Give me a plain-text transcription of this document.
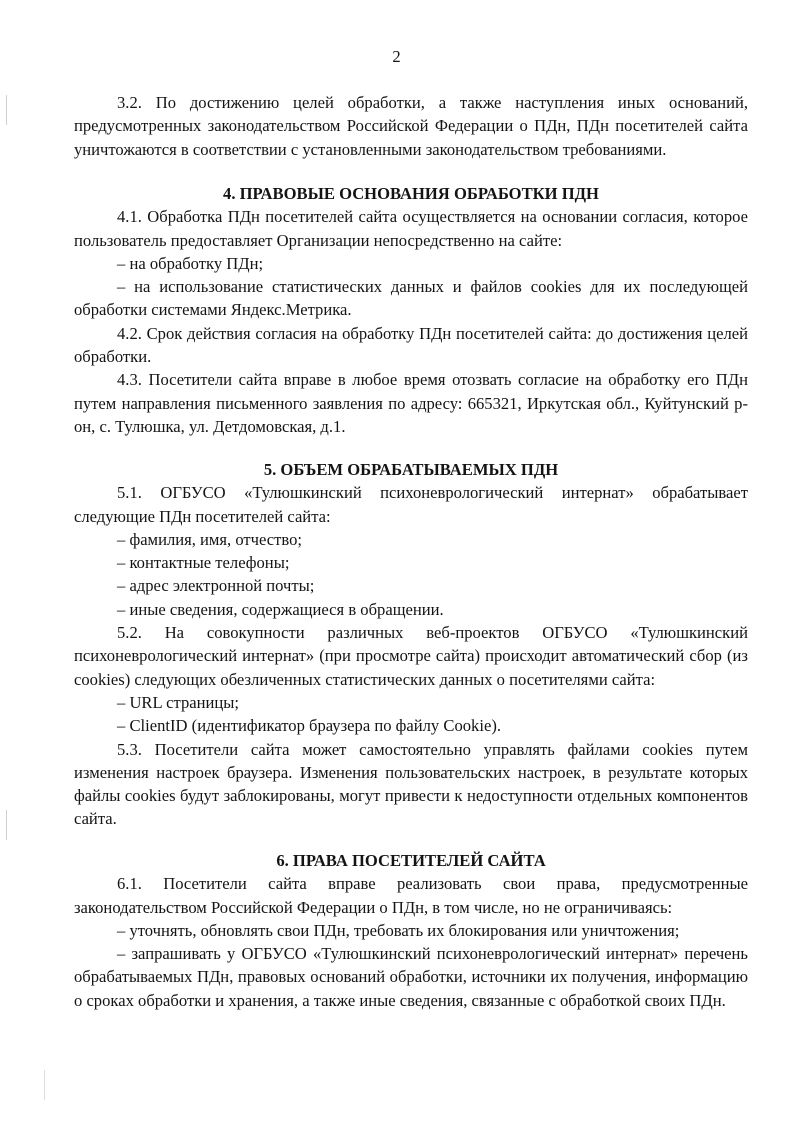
2

3.2. По достижению целей обработки, а также наступления иных оснований, предусмотренных законодательством Российской Федерации о ПДн, ПДн посетителей сайта уничтожаются в соответствии с установленными законодательством требованиями.

4. ПРАВОВЫЕ ОСНОВАНИЯ ОБРАБОТКИ ПДН

4.1. Обработка ПДн посетителей сайта осуществляется на основании согласия, которое пользователь предоставляет Организации непосредственно на сайте:

– на обработку ПДн;

– на использование статистических данных и файлов cookies для их последующей обработки системами Яндекс.Метрика.

4.2. Срок действия согласия на обработку ПДн посетителей сайта: до достижения целей обработки.

4.3. Посетители сайта вправе в любое время отозвать согласие на обработку его ПДн путем направления письменного заявления по адресу: 665321, Иркутская обл., Куйтунский р-он, с. Тулюшка, ул. Детдомовская, д.1.

5. ОБЪЕМ ОБРАБАТЫВАЕМЫХ ПДН

5.1. ОГБУСО «Тулюшкинский психоневрологический интернат» обрабатывает следующие ПДн посетителей сайта:

– фамилия, имя, отчество;
– контактные телефоны;
– адрес электронной почты;
– иные сведения, содержащиеся в обращении.

5.2. На совокупности различных веб-проектов ОГБУСО «Тулюшкинский психоневрологический интернат» (при просмотре сайта) происходит автоматический сбор (из cookies) следующих обезличенных статистических данных о посетителями сайта:

– URL страницы;
– ClientID (идентификатор браузера по файлу Cookie).

5.3. Посетители сайта может самостоятельно управлять файлами cookies путем изменения настроек браузера. Изменения пользовательских настроек, в результате которых файлы cookies будут заблокированы, могут привести к недоступности отдельных компонентов сайта.

6. ПРАВА ПОСЕТИТЕЛЕЙ САЙТА

6.1. Посетители сайта вправе реализовать свои права, предусмотренные законодательством Российской Федерации о ПДн, в том числе, но не ограничиваясь:

– уточнять, обновлять свои ПДн, требовать их блокирования или уничтожения;

– запрашивать у ОГБУСО «Тулюшкинский психоневрологический интернат» перечень обрабатываемых ПДн, правовых оснований обработки, источники их получения, информацию о сроках обработки и хранения, а также иные сведения, связанные с обработкой своих ПДн.
